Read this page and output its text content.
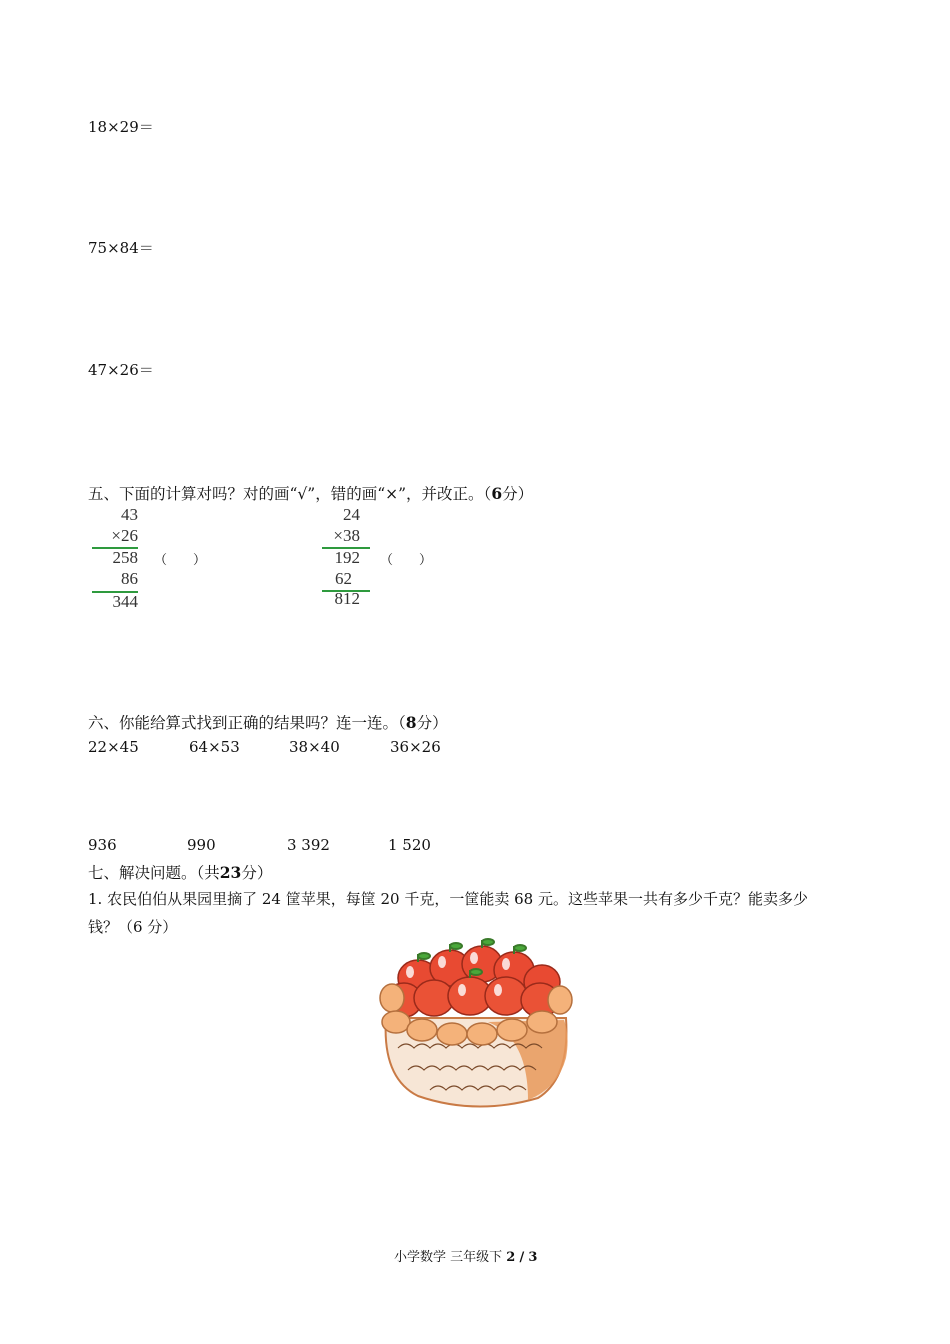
18×29＝
75×84＝
47×26＝
五、下面的计算对吗？对的画“√”，错的画“×”，并改正。（6分）
43
×26
258
86
344
（　　）
24
×38
192
62
812
（　　）
六、你能给算式找到正确的结果吗？连一连。（8分）
22×45	64×53	38×40	36×26
936	990	3 392	1 520
七、解决问题。（共23分）
1. 农民伯伯从果园里摘了 24 筐苹果，每筐 20 千克，一筐能卖 68 元。这些苹果一共有多少千克？能卖多少
钱？（6 分）
小学数学 三年级下 2 / 3
